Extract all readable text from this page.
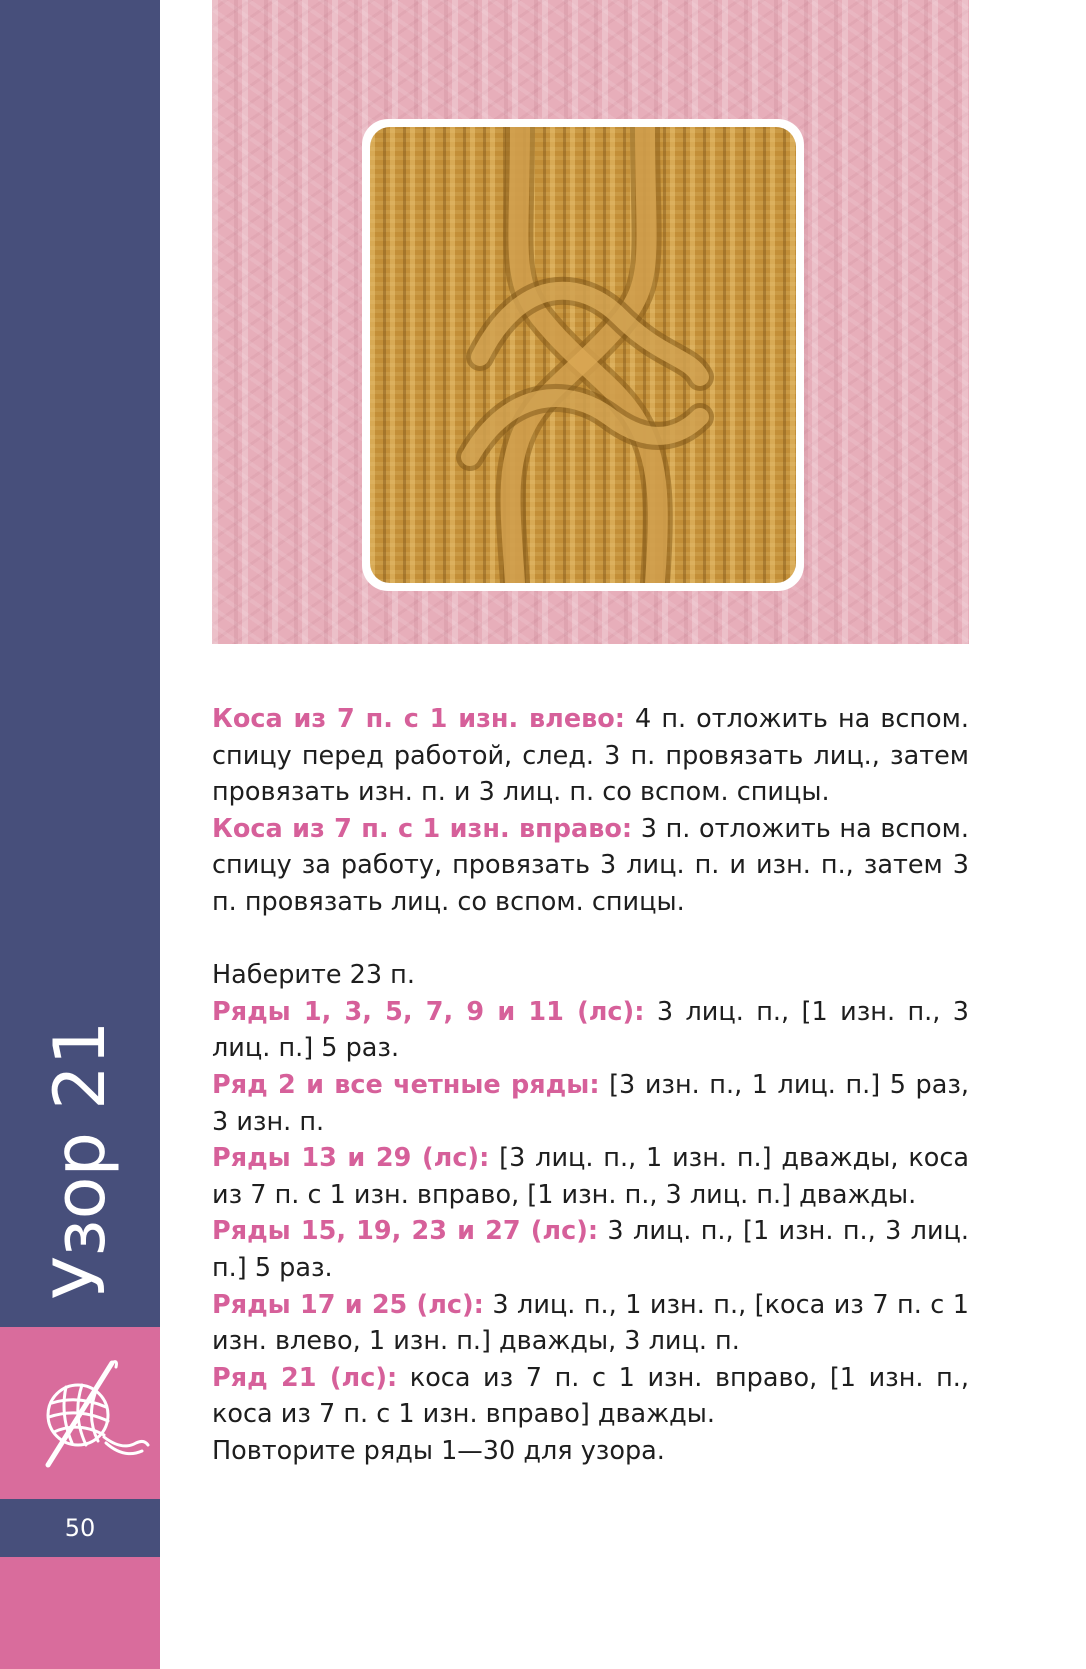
Узор 21
50

Коса из 7 п. с 1 изн. влево: 4 п. отложить на вспом. спицу перед работой, след. 3 п. провязать лиц., затем провязать изн. п. и 3 лиц. п. со вспом. спицы.

Коса из 7 п. с 1 изн. вправо: 3 п. отложить на вспом. спицу за работу, провязать 3 лиц. п. и изн. п., затем 3 п. провязать лиц. со вспом. спицы.

Наберите 23 п.

Ряды 1, 3, 5, 7, 9 и 11 (лс): 3 лиц. п., [1 изн. п., 3 лиц. п.] 5 раз.

Ряд 2 и все четные ряды: [3 изн. п., 1 лиц. п.] 5 раз, 3 изн. п.

Ряды 13 и 29 (лс): [3 лиц. п., 1 изн. п.] дважды, коса из 7 п. с 1 изн. вправо, [1 изн. п., 3 лиц. п.] дважды.

Ряды 15, 19, 23 и 27 (лс): 3 лиц. п., [1 изн. п., 3 лиц. п.] 5 раз.

Ряды 17 и 25 (лс): 3 лиц. п., 1 изн. п., [коса из 7 п. с 1 изн. влево, 1 изн. п.] дважды, 3 лиц. п.

Ряд 21 (лс): коса из 7 п. с 1 изн. вправо, [1 изн. п., коса из 7 п. с 1 изн. вправо] дважды.

Повторите ряды 1—30 для узора.
